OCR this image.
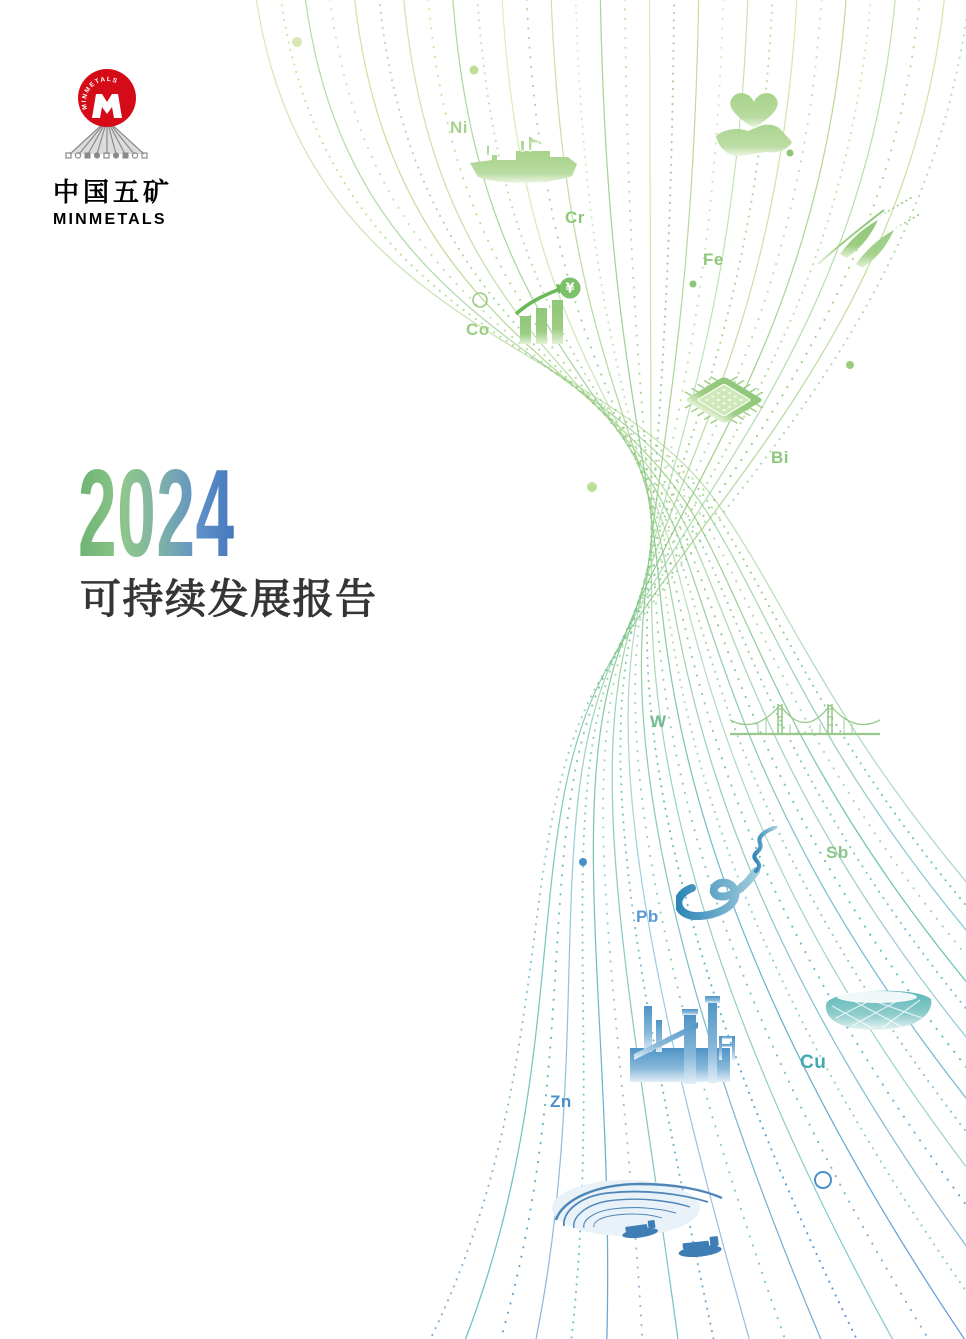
¥
Ni
Cr
Fe
Co
Bi
W
Sb
Pb
Cu
Zn
MINMETALS
中国五矿
MINMETALS
2024
可持续发展报告
